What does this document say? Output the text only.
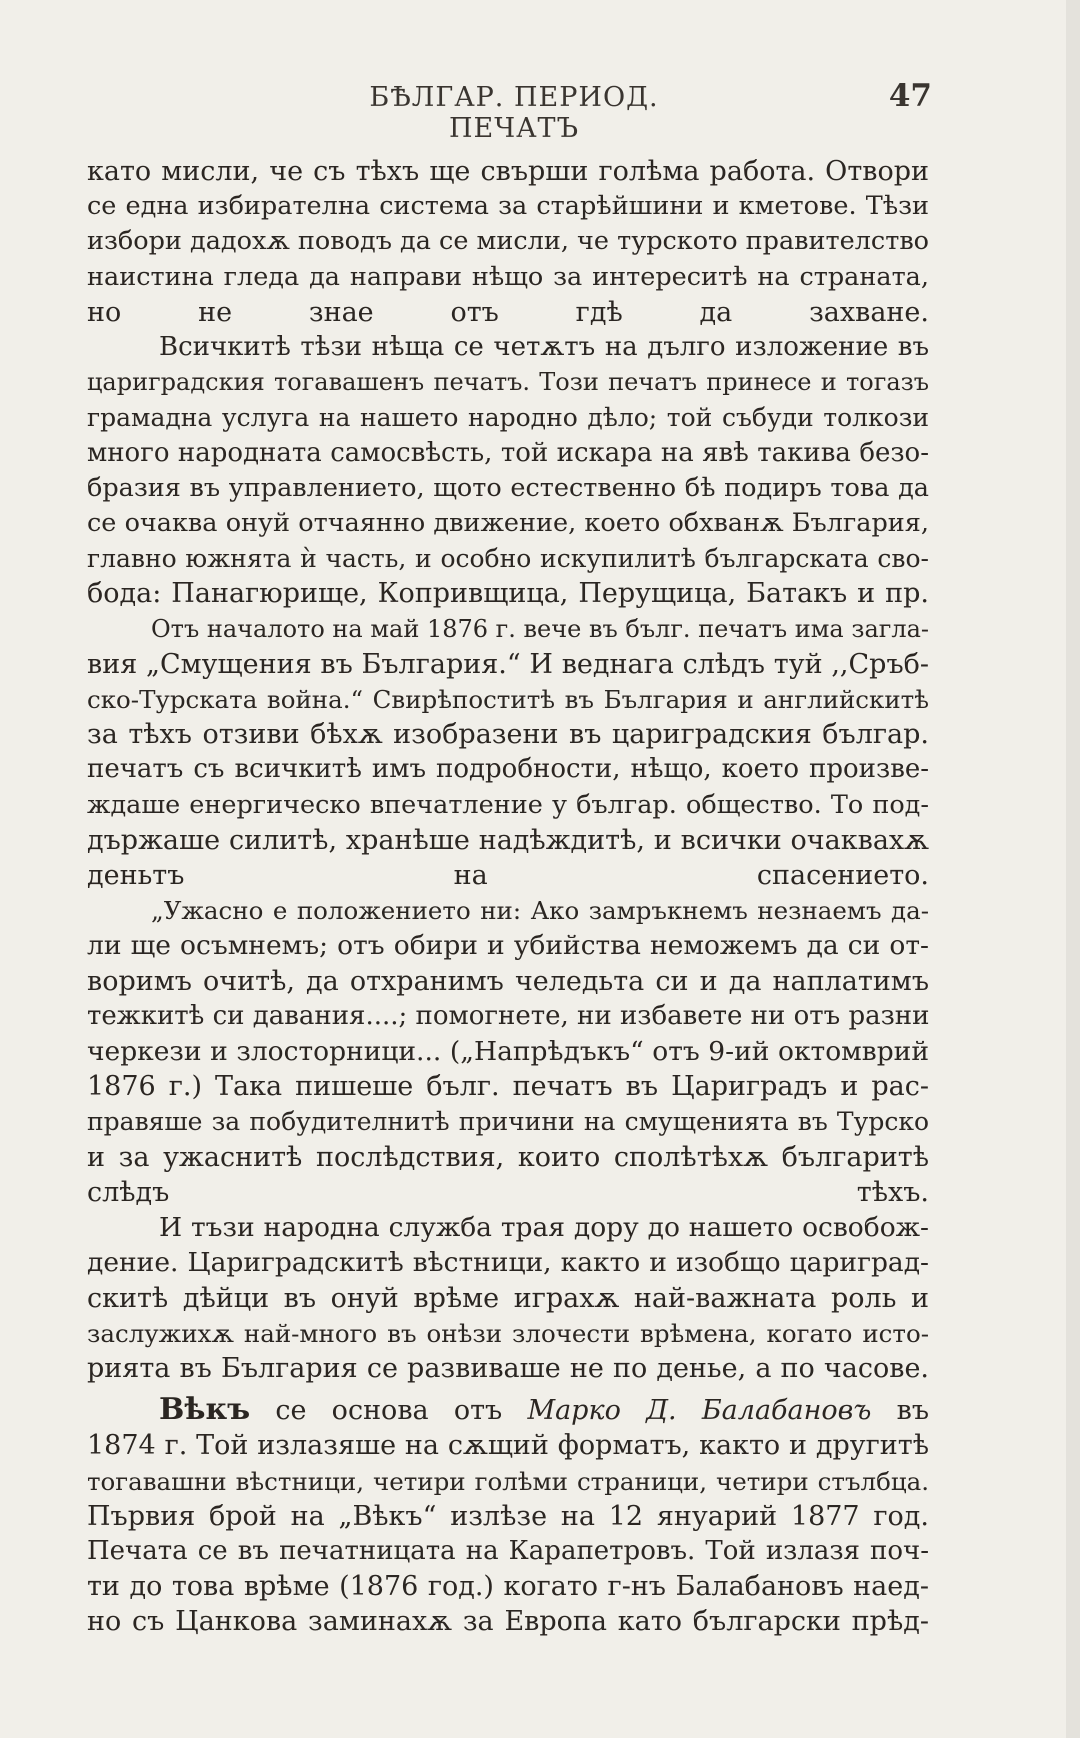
БѢЛГАР. ПЕРИОД. ПЕЧАТЪ
47
като мисли, че съ тѣхъ ще свърши голѣма работа. Отвори
се една избирателна система за старѣйшини и кметове. Тѣзи
избори дадохѫ поводъ да се мисли, че турското правителство
наистина гледа да направи нѣщо за интереситѣ на страната,
но не знае отъ гдѣ да захване.
Всичкитѣ тѣзи нѣща се четѫтъ на дълго изложение въ
цариградския тогавашенъ печатъ. Този печатъ принесе и тогазъ
грамадна услуга на нашето народно дѣло; той събуди толкози
много народната самосвѣсть, той искара на явѣ такива безо-
бразия въ управлението, щото естественно бѣ подиръ това да
се очаква онуй отчаянно движение, което обхванѫ България,
главно южнята ѝ часть, и особно искупилитѣ българската сво-
бода: Панагюрище, Копривщица, Перущица, Батакъ и пр.
Отъ началото на май 1876 г. вече въ бълг. печатъ има загла-
вия „Смущения въ България.“ И веднага слѣдъ туй ,,Сръб-
ско-Турската война.“ Свирѣпоститѣ въ България и английскитѣ
за тѣхъ отзиви бѣхѫ изобразени въ цариградския българ.
печатъ съ всичкитѣ имъ подробности, нѣщо, което произве-
ждаше енергическо впечатление у българ. общество. То под-
държаше силитѣ, хранѣше надѣждитѣ, и всички очаквахѫ
деньтъ на спасението.
„Ужасно е положението ни: Ако замръкнемъ незнаемъ да-
ли ще осъмнемъ; отъ обири и убийства неможемъ да си от-
воримъ очитѣ, да отхранимъ челедьта си и да наплатимъ
тежкитѣ си давания....; помогнете, ни избавете ни отъ разни
черкези и злосторници... („Напрѣдъкъ“ отъ 9-ий октомврий
1876 г.) Така пишеше бълг. печатъ въ Цариградъ и рас-
правяше за побудителнитѣ причини на смущенията въ Турско
и за ужаснитѣ послѣдствия, които сполѣтѣхѫ българитѣ
слѣдъ тѣхъ.
И тъзи народна служба трая дору до нашето освобож-
дение. Цариградскитѣ вѣстници, както и изобщо цариград-
скитѣ дѣйци въ онуй врѣме играхѫ най-важната роль и
заслужихѫ най-много въ онѣзи злочести врѣмена, когато исто-
рията въ България се развиваше не по денье, а по часове.
Вѣкъ се основа отъ Марко Д. Балабановъ въ
1874 г. Той излазяше на сѫщий форматъ, както и другитѣ
тогавашни вѣстници, четири голѣми страници, четири стълбца.
Първия брой на „Вѣкъ“ излѣзе на 12 януарий 1877 год.
Печата се въ печатницата на Карапетровъ. Той излазя поч-
ти до това врѣме (1876 год.) когато г-нъ Балабановъ наед-
но съ Цанкова заминахѫ за Европа като български прѣд-
